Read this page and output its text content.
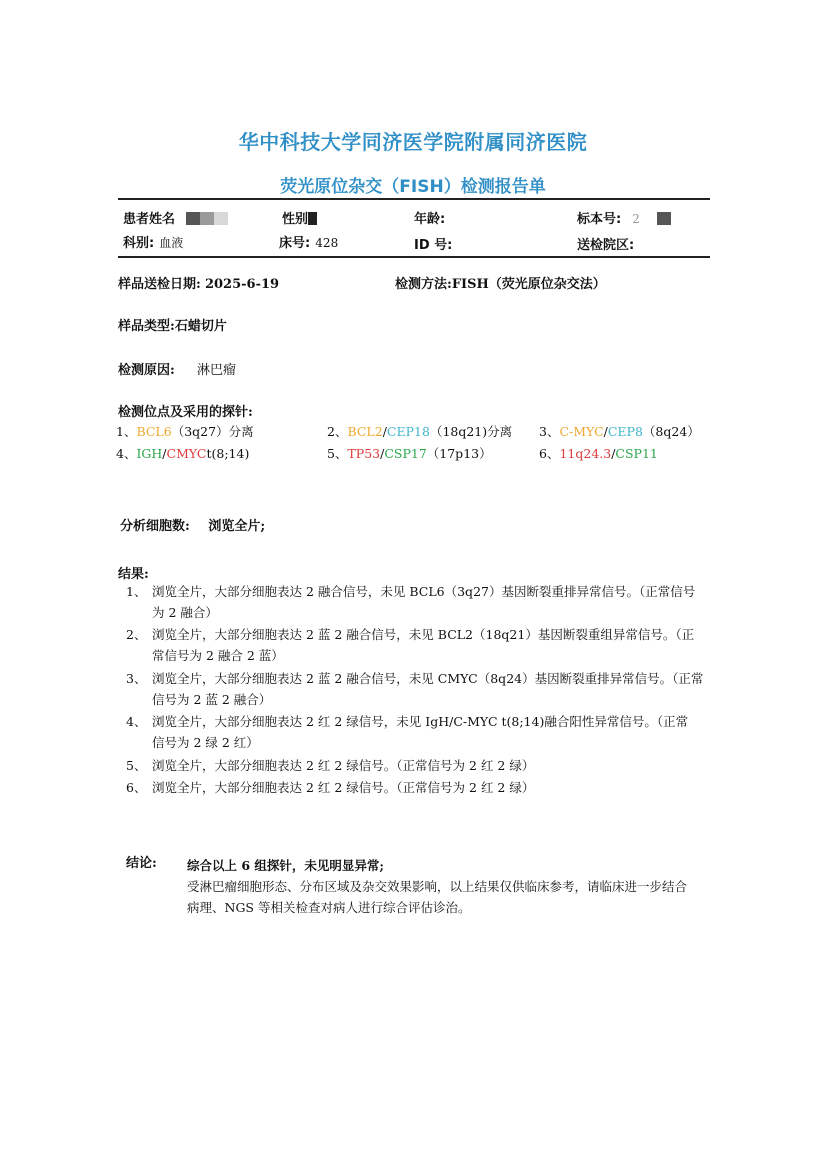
华中科技大学同济医学院附属同济医院
荧光原位杂交（FISH）检测报告单
患者姓名	性别	年龄:	标本号: 2
科别: 血液	床号: 428	ID 号:	送检院区:
样品送检日期: 2025-6-19	检测方法:FISH（荧光原位杂交法）
样品类型:石蜡切片
检测原因: 淋巴瘤
检测位点及采用的探针:
1、BCL6（3q27）分离	2、BCL2/CEP18（18q21)分离 3、C-MYC/CEP8（8q24）
4、IGH/CMYCt(8;14)	5、TP53/CSP17（17p13）	6、11q24.3/CSP11
分析细胞数: 浏览全片;
结果:
1、 浏览全片，大部分细胞表达 2 融合信号，未见 BCL6（3q27）基因断裂重排异常信号。（正常信号
为 2 融合）
2、 浏览全片，大部分细胞表达 2 蓝 2 融合信号，未见 BCL2（18q21）基因断裂重组异常信号。（正
常信号为 2 融合 2 蓝）
3、 浏览全片，大部分细胞表达 2 蓝 2 融合信号，未见 CMYC（8q24）基因断裂重排异常信号。（正常
信号为 2 蓝 2 融合）
4、 浏览全片，大部分细胞表达 2 红 2 绿信号，未见 IgH/C-MYC t(8;14)融合阳性异常信号。（正常
信号为 2 绿 2 红）
5、 浏览全片，大部分细胞表达 2 红 2 绿信号。（正常信号为 2 红 2 绿）
6、 浏览全片，大部分细胞表达 2 红 2 绿信号。（正常信号为 2 红 2 绿）
结论: 综合以上 6 组探针，未见明显异常;
受淋巴瘤细胞形态、分布区域及杂交效果影响，以上结果仅供临床参考，请临床进一步结合
病理、NGS 等相关检查对病人进行综合评估诊治。
